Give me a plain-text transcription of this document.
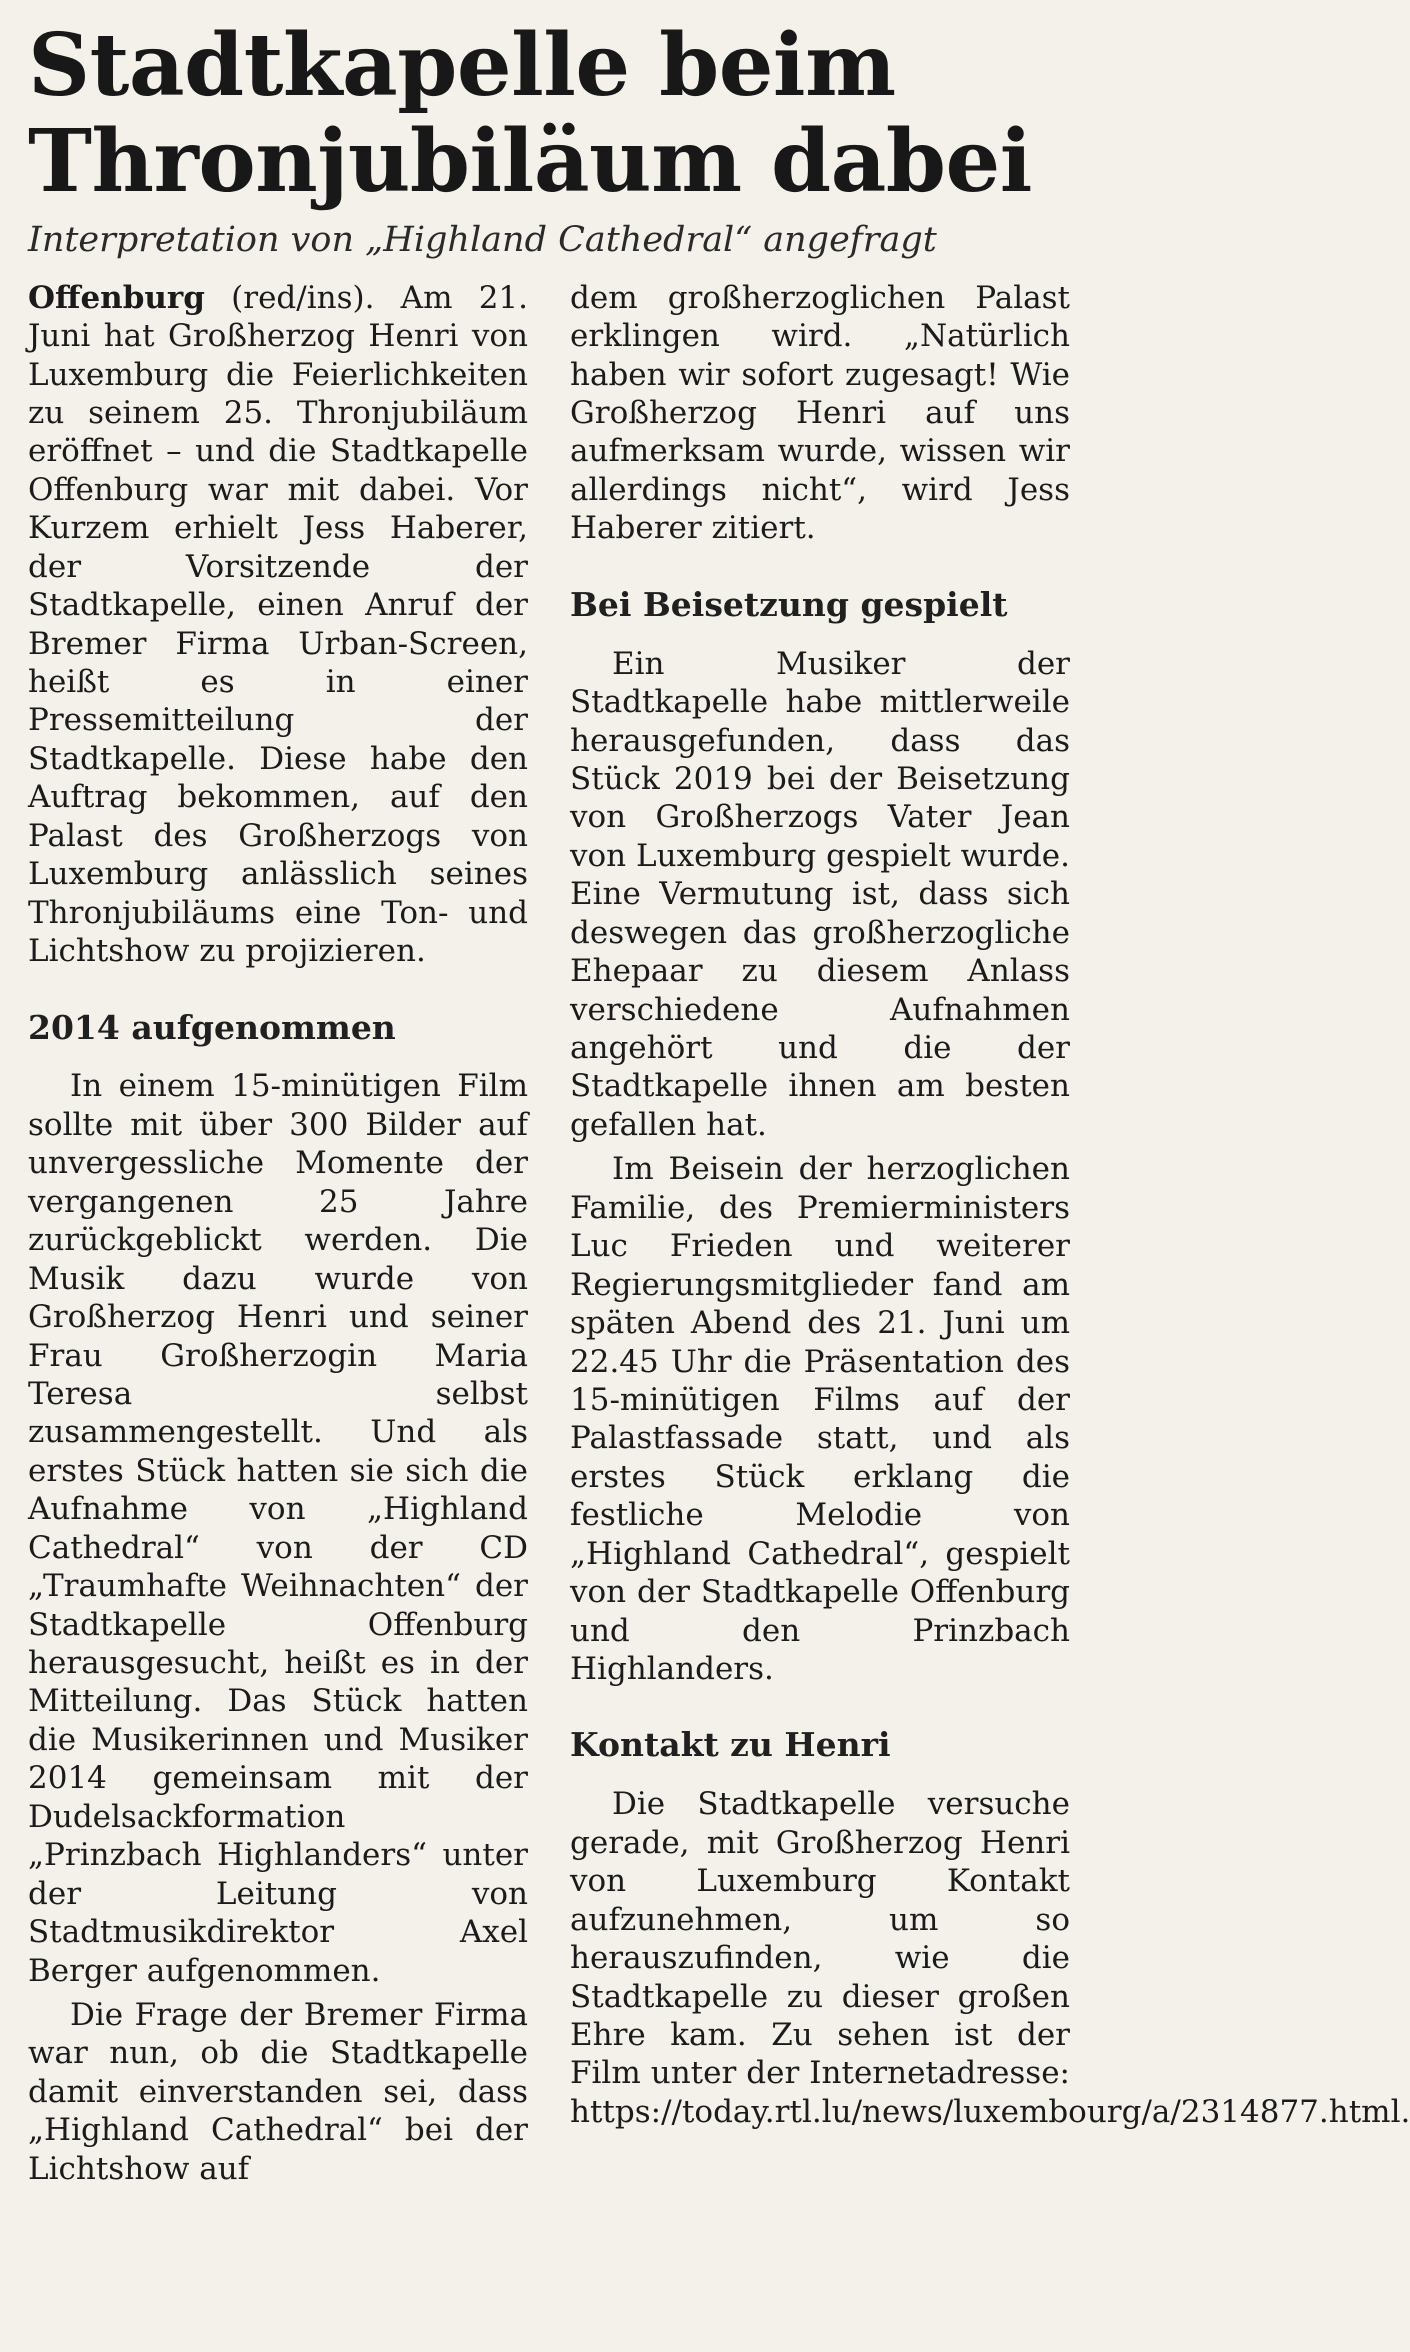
Stadtkapelle beim Thronjubiläum dabei
Interpretation von „Highland Cathedral“ angefragt

Offenburg (red/ins). Am 21. Juni hat Großherzog Henri von Luxemburg die Feierlichkeiten zu seinem 25. Thronjubiläum eröffnet – und die Stadtkapelle Offenburg war mit dabei. Vor Kurzem erhielt Jess Haberer, der Vorsitzende der Stadtkapelle, einen Anruf der Bremer Firma Urban-Screen, heißt es in einer Pressemitteilung der Stadtkapelle. Diese habe den Auftrag bekommen, auf den Palast des Großherzogs von Luxemburg anlässlich seines Thronjubiläums eine Ton- und Lichtshow zu projizieren.

2014 aufgenommen

In einem 15-minütigen Film sollte mit über 300 Bilder auf unvergessliche Momente der vergangenen 25 Jahre zurückgeblickt werden. Die Musik dazu wurde von Großherzog Henri und seiner Frau Großherzogin Maria Teresa selbst zusammengestellt. Und als erstes Stück hatten sie sich die Aufnahme von „Highland Cathedral“ von der CD „Traumhafte Weihnachten“ der Stadtkapelle Offenburg herausgesucht, heißt es in der Mitteilung. Das Stück hatten die Musikerinnen und Musiker 2014 gemeinsam mit der Dudelsackformation „Prinzbach Highlanders“ unter der Leitung von Stadtmusikdirektor Axel Berger aufgenommen.

Die Frage der Bremer Firma war nun, ob die Stadtkapelle damit einverstanden sei, dass „Highland Cathedral“ bei der Lichtshow auf

dem großherzoglichen Palast erklingen wird. „Natürlich haben wir sofort zugesagt! Wie Großherzog Henri auf uns aufmerksam wurde, wissen wir allerdings nicht“, wird Jess Haberer zitiert.

Bei Beisetzung gespielt

Ein Musiker der Stadtkapelle habe mittlerweile herausgefunden, dass das Stück 2019 bei der Beisetzung von Großherzogs Vater Jean von Luxemburg gespielt wurde. Eine Vermutung ist, dass sich deswegen das großherzogliche Ehepaar zu diesem Anlass verschiedene Aufnahmen angehört und die der Stadtkapelle ihnen am besten gefallen hat.

Im Beisein der herzoglichen Familie, des Premierministers Luc Frieden und weiterer Regierungsmitglieder fand am späten Abend des 21. Juni um 22.45 Uhr die Präsentation des 15-minütigen Films auf der Palastfassade statt, und als erstes Stück erklang die festliche Melodie von „Highland Cathedral“, gespielt von der Stadtkapelle Offenburg und den Prinzbach Highlanders.

Kontakt zu Henri

Die Stadtkapelle versuche gerade, mit Großherzog Henri von Luxemburg Kontakt aufzunehmen, um so herauszufinden, wie die Stadtkapelle zu dieser großen Ehre kam. Zu sehen ist der Film unter der Internetadresse: https://today.rtl.lu/news/luxembourg/a/2314877.html.
